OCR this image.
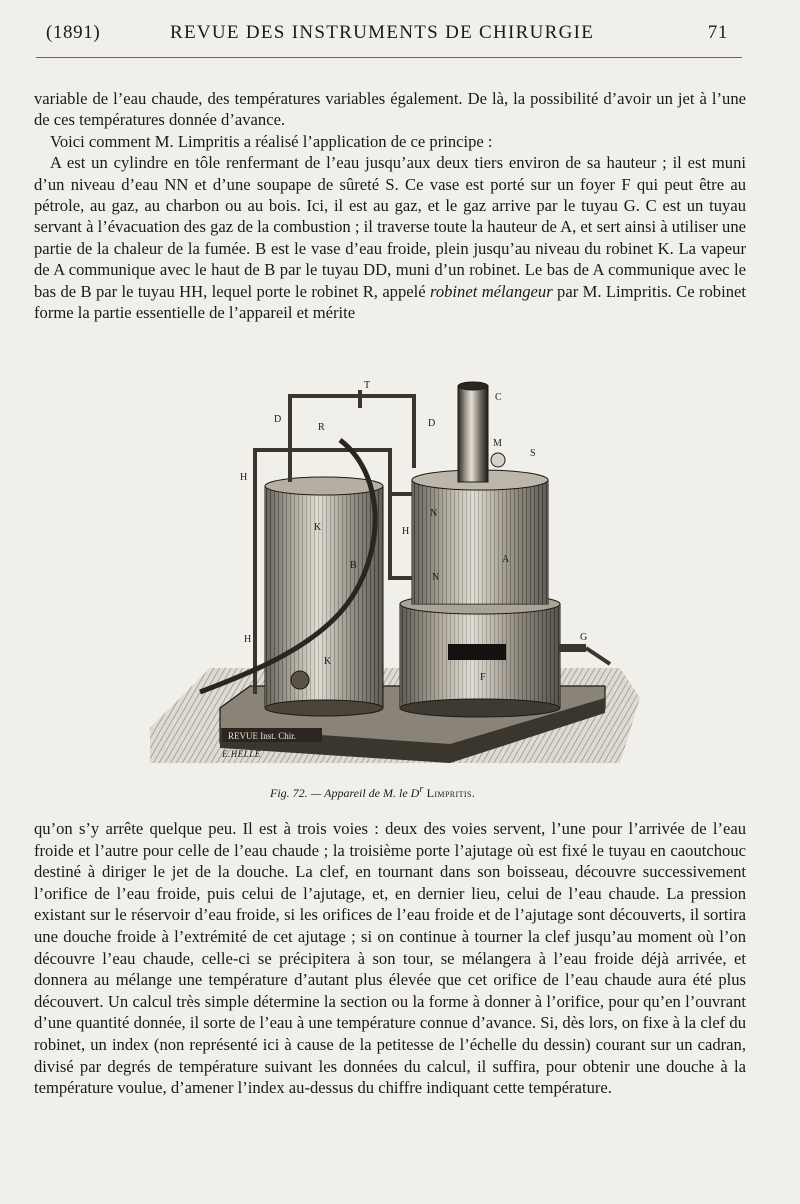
(1891)	REVUE DES INSTRUMENTS DE CHIRURGIE	71

variable de l’eau chaude, des températures variables également. De là, la possibilité d’avoir un jet à l’une de ces températures donnée d’avance.

Voici comment M. Limpritis a réalisé l’application de ce principe :

A est un cylindre en tôle renfermant de l’eau jusqu’aux deux tiers environ de sa hauteur ; il est muni d’un niveau d’eau NN et d’une soupape de sûreté S. Ce vase est porté sur un foyer F qui peut être au pétrole, au gaz, au charbon ou au bois. Ici, il est au gaz, et le gaz arrive par le tuyau G. C est un tuyau servant à l’évacuation des gaz de la combustion ; il traverse toute la hauteur de A, et sert ainsi à utiliser une partie de la chaleur de la fumée. B est le vase d’eau froide, plein jusqu’au niveau du robinet K. La vapeur de A communique avec le haut de B par le tuyau DD, muni d’un robinet. Le bas de A communique avec le bas de B par le tuyau HH, lequel porte le robinet R, appelé robinet mélangeur par M. Limpritis. Ce robinet forme la partie essentielle de l’appareil et mérite

REVUE Inst. Chir.
T
C
D
R	D
M
S
H
N
H
K
B
A
N
H	G
K
F
E.HELLE
Fig. 72. — Appareil de M. le $D^r$ Limpritis.

qu’on s’y arrête quelque peu. Il est à trois voies : deux des voies servent, l’une pour l’arrivée de l’eau froide et l’autre pour celle de l’eau chaude ; la troisième porte l’ajutage où est fixé le tuyau en caoutchouc destiné à diriger le jet de la douche. La clef, en tournant dans son boisseau, découvre successivement l’orifice de l’eau froide, puis celui de l’ajutage, et, en dernier lieu, celui de l’eau chaude. La pression existant sur le réservoir d’eau froide, si les orifices de l’eau froide et de l’ajutage sont découverts, il sortira une douche froide à l’extrémité de cet ajutage ; si on continue à tourner la clef jusqu’au moment où l’on découvre l’eau chaude, celle-ci se précipitera à son tour, se mélangera à l’eau froide déjà arrivée, et donnera au mélange une température d’autant plus élevée que cet orifice de l’eau chaude aura été plus découvert. Un calcul très simple détermine la section ou la forme à donner à l’orifice, pour qu’en l’ouvrant d’une quantité donnée, il sorte de l’eau à une température connue d’avance. Si, dès lors, on fixe à la clef du robinet, un index (non représenté ici à cause de la petitesse de l’échelle du dessin) courant sur un cadran, divisé par degrés de température suivant les données du calcul, il suffira, pour obtenir une douche à la température voulue, d’amener l’index au-dessus du chiffre indiquant cette température.
